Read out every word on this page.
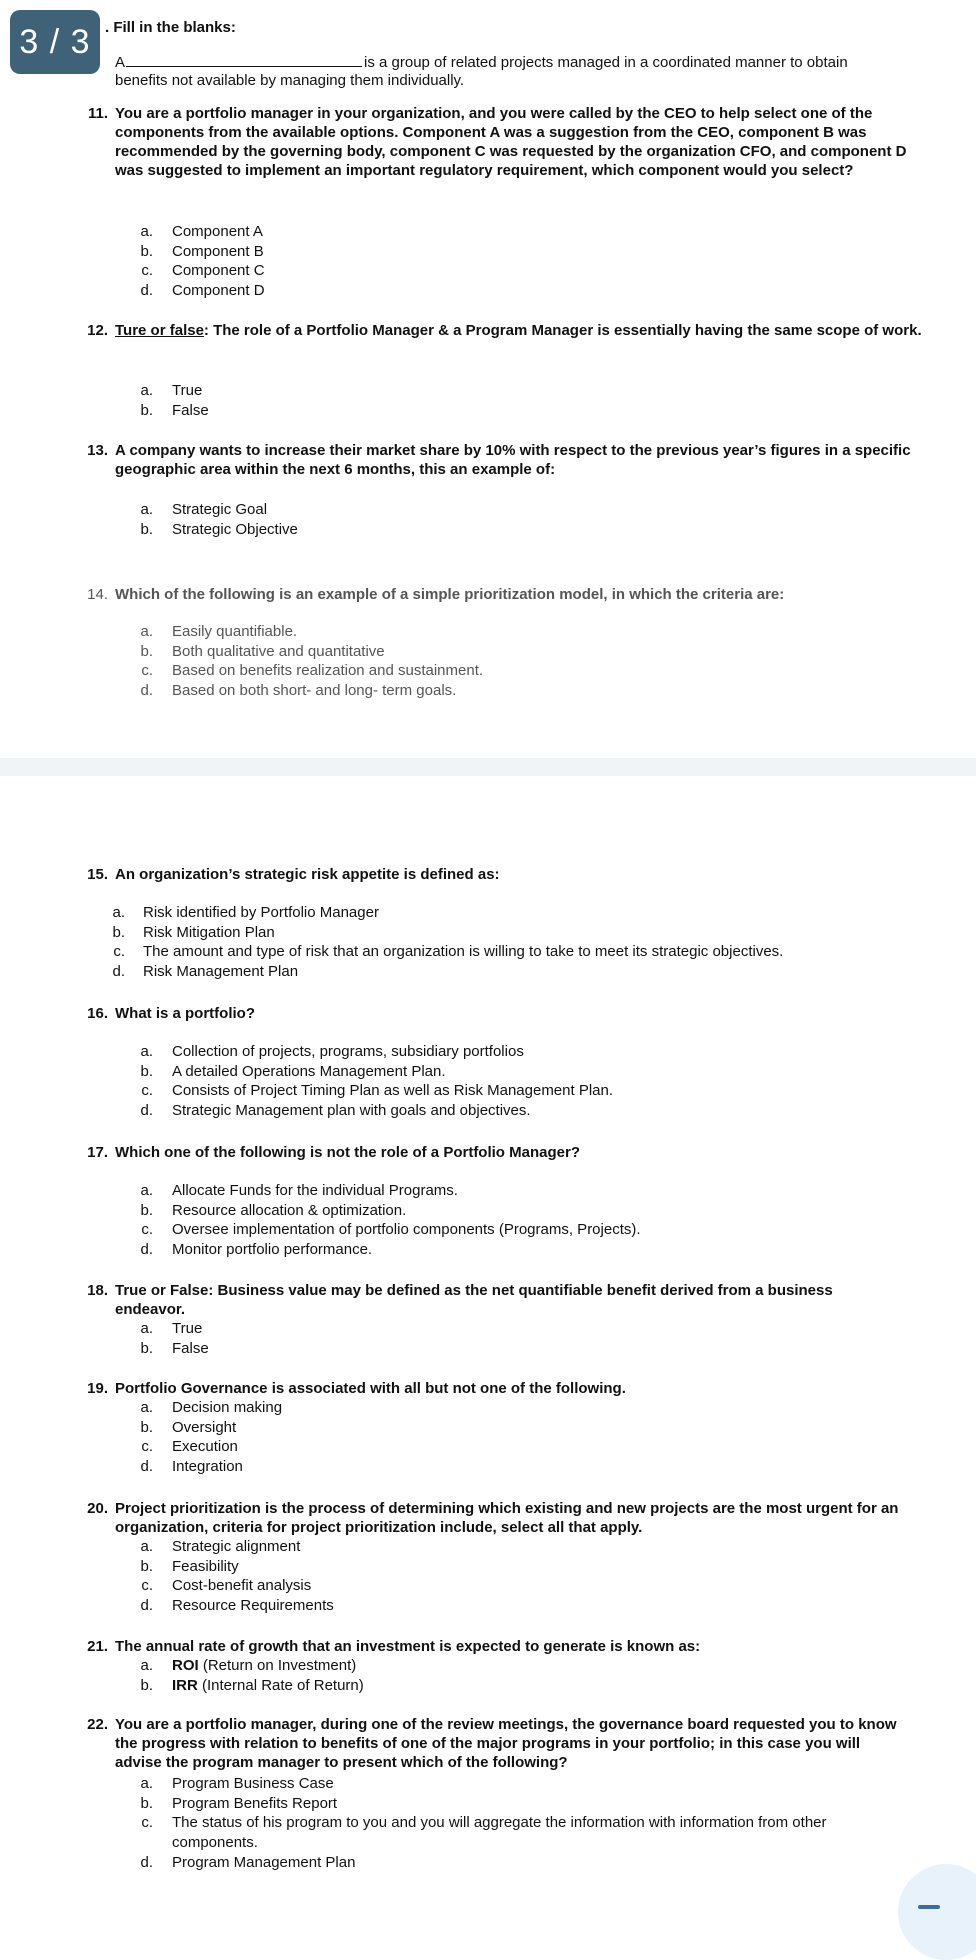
. Fill in the blanks:
A	is a group of related projects managed in a coordinated manner to obtain
benefits not available by managing them individually.
11. You are a portfolio manager in your organization, and you were called by the CEO to help select one of the components from the available options. Component A was a suggestion from the CEO, component B was recommended by the governing body, component C was requested by the organization CFO, and component D was suggested to implement an important regulatory requirement, which component would you select?
a. Component A
b. Component B
c. Component C
d. Component D
12. Ture or false: The role of a Portfolio Manager & a Program Manager is essentially having the same scope of work.
a. True
b. False
13. A company wants to increase their market share by 10% with respect to the previous year’s figures in a specific geographic area within the next 6 months, this an example of:
a. Strategic Goal
b. Strategic Objective
14. Which of the following is an example of a simple prioritization model, in which the criteria are:
a. Easily quantifiable.
b. Both qualitative and quantitative
c. Based on benefits realization and sustainment.
d. Based on both short- and long- term goals.
15. An organization’s strategic risk appetite is defined as:
a. Risk identified by Portfolio Manager
b. Risk Mitigation Plan
c. The amount and type of risk that an organization is willing to take to meet its strategic objectives.
d. Risk Management Plan
16. What is a portfolio?
a. Collection of projects, programs, subsidiary portfolios
b. A detailed Operations Management Plan.
c. Consists of Project Timing Plan as well as Risk Management Plan.
d. Strategic Management plan with goals and objectives.
17. Which one of the following is not the role of a Portfolio Manager?
a. Allocate Funds for the individual Programs.
b. Resource allocation & optimization.
c. Oversee implementation of portfolio components (Programs, Projects).
d. Monitor portfolio performance.
18. True or False: Business value may be defined as the net quantifiable benefit derived from a business endeavor.
a. True
b. False
19. Portfolio Governance is associated with all but not one of the following.
a. Decision making
b. Oversight
c. Execution
d. Integration
20. Project prioritization is the process of determining which existing and new projects are the most urgent for an organization, criteria for project prioritization include, select all that apply.
a. Strategic alignment
b. Feasibility
c. Cost-benefit analysis
d. Resource Requirements
21. The annual rate of growth that an investment is expected to generate is known as:
a. ROI (Return on Investment)
b. IRR (Internal Rate of Return)
22. You are a portfolio manager, during one of the review meetings, the governance board requested you to know the progress with relation to benefits of one of the major programs in your portfolio; in this case you will advise the program manager to present which of the following?
a. Program Business Case
b. Program Benefits Report
c. The status of his program to you and you will aggregate the information with information from other components.
d. Program Management Plan
3 / 3
